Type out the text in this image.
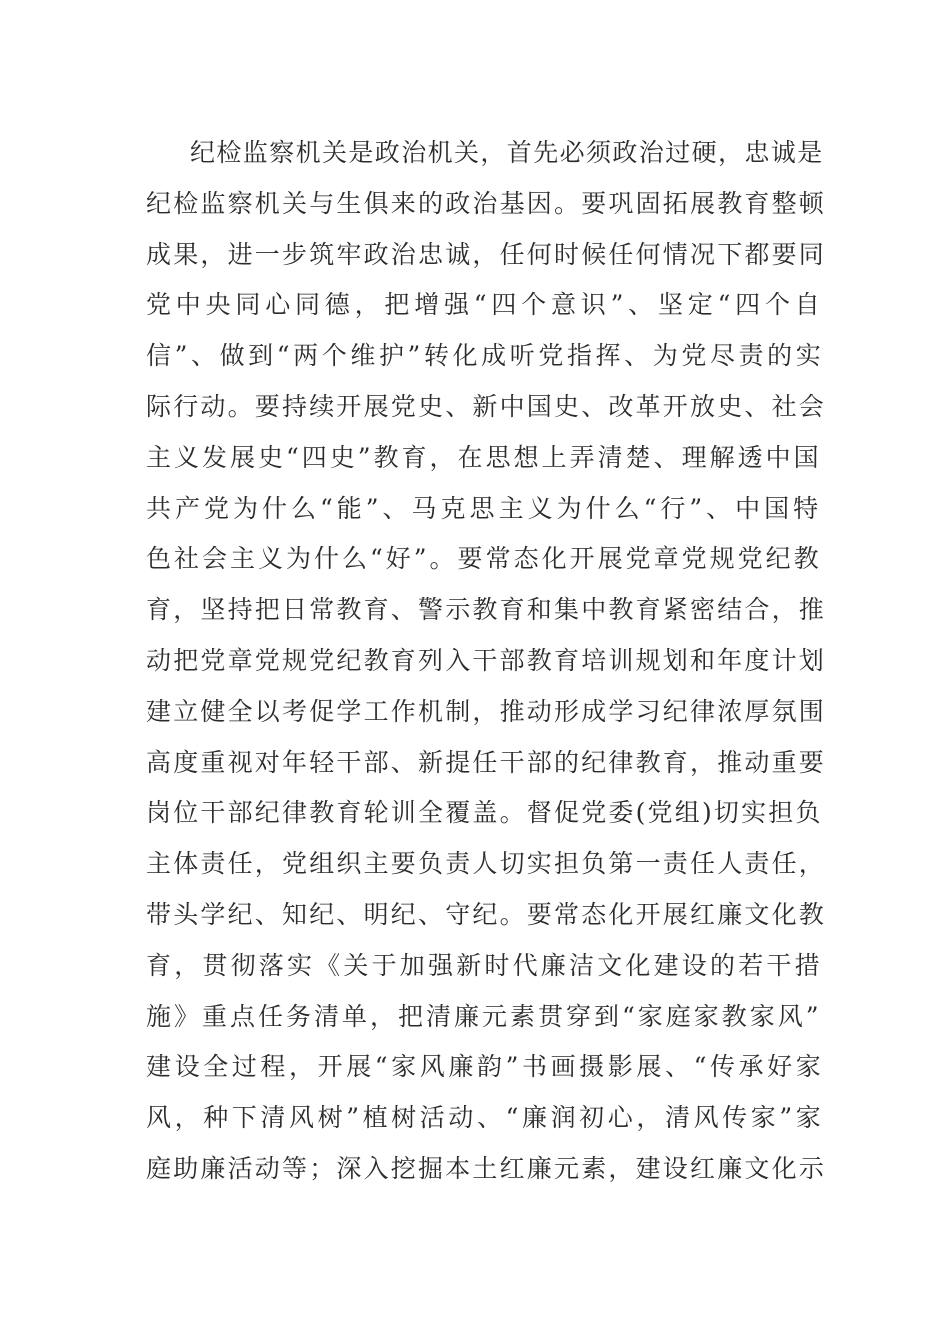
纪检监察机关是政治机关，首先必须政治过硬，忠诚是
纪检监察机关与生俱来的政治基因。要巩固拓展教育整顿
成果，进一步筑牢政治忠诚，任何时候任何情况下都要同
党中央同心同德，把增强“四个意识”、坚定“四个自
信”、做到“两个维护”转化成听党指挥、为党尽责的实
际行动。要持续开展党史、新中国史、改革开放史、社会
主义发展史“四史”教育，在思想上弄清楚、理解透中国
共产党为什么“能”、马克思主义为什么“行”、中国特
色社会主义为什么“好”。要常态化开展党章党规党纪教
育，坚持把日常教育、警示教育和集中教育紧密结合，推
动把党章党规党纪教育列入干部教育培训规划和年度计划
建立健全以考促学工作机制，推动形成学习纪律浓厚氛围
高度重视对年轻干部、新提任干部的纪律教育，推动重要
岗位干部纪律教育轮训全覆盖。督促党委(党组)切实担负
主体责任，党组织主要负责人切实担负第一责任人责任，
带头学纪、知纪、明纪、守纪。要常态化开展红廉文化教
育，贯彻落实《关于加强新时代廉洁文化建设的若干措
施》重点任务清单，把清廉元素贯穿到“家庭家教家风”
建设全过程，开展“家风廉韵”书画摄影展、“传承好家
风，种下清风树”植树活动、“廉润初心，清风传家”家
庭助廉活动等；深入挖掘本土红廉元素，建设红廉文化示
